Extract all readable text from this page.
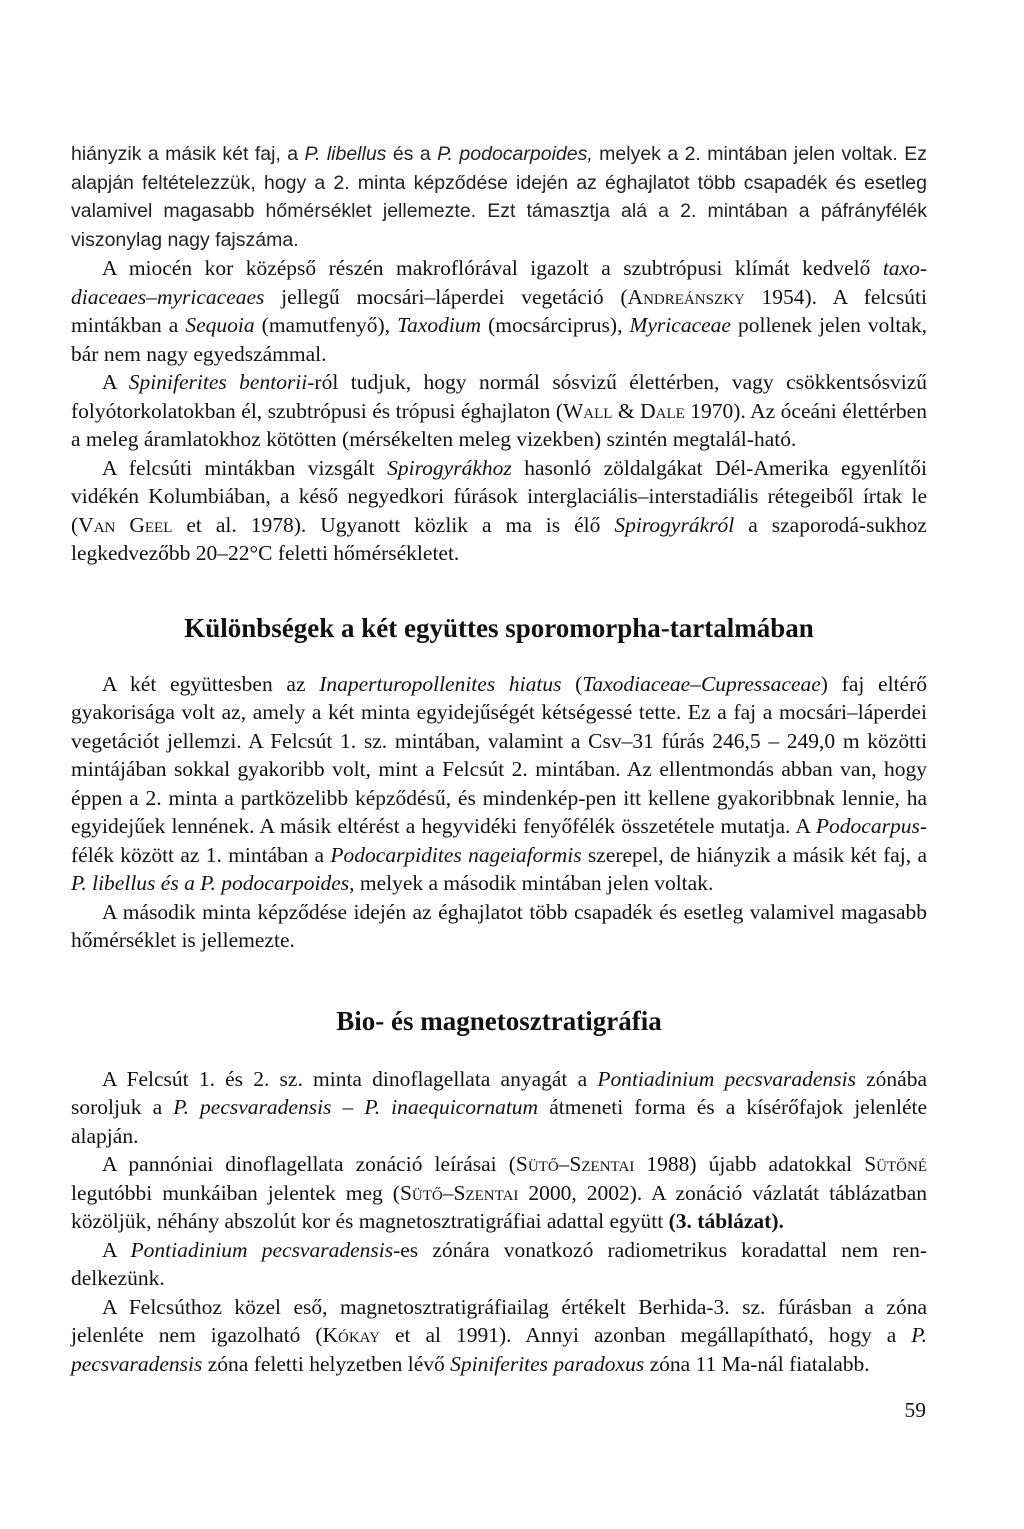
hiányzik a másik két faj, a P. libellus és a P. podocarpoides, melyek a 2. mintában jelen voltak. Ez alapján feltételezzük, hogy a 2. minta képződése idején az éghajlatot több csapadék és esetleg valamivel magasabb hőmérséklet jellemezte. Ezt támasztja alá a 2. mintában a páfrányfélék viszonylag nagy fajszáma.

A miocén kor középső részén makroflórával igazolt a szubtrópusi klímát kedvelő taxo-diaceaes–myricaceaes jellegű mocsári–láperdei vegetáció (Andreánszky 1954). A felcsúti mintákban a Sequoia (mamutfenyő), Taxodium (mocsárciprus), Myricaceae pollenek jelen voltak, bár nem nagy egyedszámmal.

A Spiniferites bentorii-ról tudjuk, hogy normál sósvizű élettérben, vagy csökkentsósvizű folyótorkolatokban él, szubtrópusi és trópusi éghajlaton (Wall & Dale 1970). Az óceáni élettérben a meleg áramlatokhoz kötötten (mérsékelten meleg vizekben) szintén megtalál-ható.

A felcsúti mintákban vizsgált Spirogyrákhoz hasonló zöldalgákat Dél-Amerika egyenlítői vidékén Kolumbiában, a késő negyedkori fúrások interglaciális–interstadiális rétegeiből írtak le (Van Geel et al. 1978). Ugyanott közlik a ma is élő Spirogyrákról a szaporodá-sukhoz legkedvezőbb 20–22°C feletti hőmérsékletet.

Különbségek a két együttes sporomorpha-tartalmában

A két együttesben az Inaperturopollenites hiatus (Taxodiaceae–Cupressaceae) faj eltérő gyakorisága volt az, amely a két minta egyidejűségét kétségessé tette. Ez a faj a mocsári–láperdei vegetációt jellemzi. A Felcsút 1. sz. mintában, valamint a Csv–31 fúrás 246,5 – 249,0 m közötti mintájában sokkal gyakoribb volt, mint a Felcsút 2. mintában. Az ellentmondás abban van, hogy éppen a 2. minta a partközelibb képződésű, és mindenkép-pen itt kellene gyakoribbnak lennie, ha egyidejűek lennének. A másik eltérést a hegyvidéki fenyőfélék összetétele mutatja. A Podocarpus-félék között az 1. mintában a Podocarpidites nageiaformis szerepel, de hiányzik a másik két faj, a P. libellus és a P. podocarpoides, melyek a második mintában jelen voltak.

A második minta képződése idején az éghajlatot több csapadék és esetleg valamivel magasabb hőmérséklet is jellemezte.

Bio- és magnetosztratigráfia

A Felcsút 1. és 2. sz. minta dinoflagellata anyagát a Pontiadinium pecsvaradensis zónába soroljuk a P. pecsvaradensis – P. inaequicornatum átmeneti forma és a kísérőfajok jelenléte alapján.

A pannóniai dinoflagellata zonáció leírásai (Sütő–Szentai 1988) újabb adatokkal Sütőné legutóbbi munkáiban jelentek meg (Sütő–Szentai 2000, 2002). A zonáció vázlatát táblázatban közöljük, néhány abszolút kor és magnetosztratigráfiai adattal együtt (3. táblázat).

A Pontiadinium pecsvaradensis-es zónára vonatkozó radiometrikus koradattal nem ren-delkezünk.

A Felcsúthoz közel eső, magnetosztratigráfiailag értékelt Berhida-3. sz. fúrásban a zóna jelenléte nem igazolható (Kókay et al 1991). Annyi azonban megállapítható, hogy a P. pecsvaradensis zóna feletti helyzetben lévő Spiniferites paradoxus zóna 11 Ma-nál fiatalabb.

59
